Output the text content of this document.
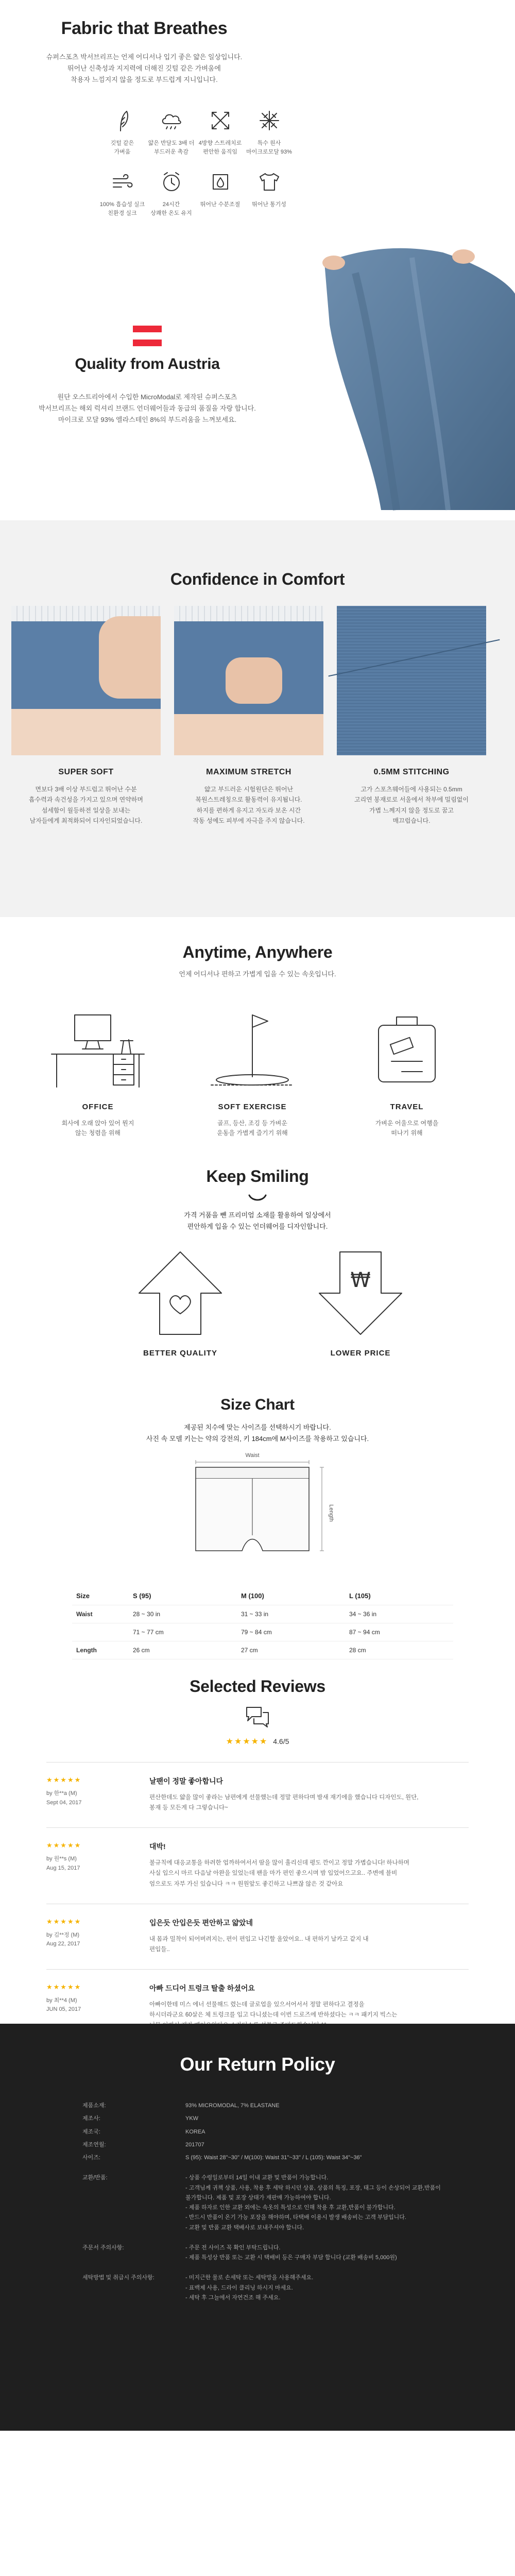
Fabric that Breathes
슈퍼스포츠 박서브리프는 언제 어디서나 입기 좋은 얇은 일상입니다.
뛰어난 신축성과 지지력에 더해진 깃털 같은 가벼움에
착용자 느낌지지 않을 정도로 부드럽게 지니입니다.
깃털 같은
가벼움
얇은 반달도 3배 더
부드러운 촉감
4방향 스트레치로
편안한 움직임
특수 원사
마이크로모달 93%
100% 흡습성 실크
친환경 실크
24시간
상쾌한 온도 유지
뛰어난 수분조절	뛰어난 통기성
Quality from Austria
원단 오스트리아에서 수입한 MicroModal로 제작된 슈퍼스포츠
박서브리프는 해외 럭셔리 브랜드 언더웨어들과 동급의 품질을 자랑 합니다.
마이크로 모달 93% 엘라스테인 8%의 부드러움을 느껴보세요.
Confidence in Comfort
SUPER SOFT

면보다 3배 이상 부드럽고 뛰어난 수분
흡수력과 속건성을 가지고 있으며 연약하며
섬세함이 월등하전 일상을 보내는
남자들에게 최적화되어 디자인되었습니다.

MAXIMUM STRETCH

얇고 부드러운 시험원단은 뛰어난
복원스트레칭으로 활동력이 유지됩니다.
하지를 편하게 유지고 자도라 보온 시간
작동 성예도 피부에 자극을 주지 않습니다.

0.5MM STITCHING

고가 스포츠웨어들에 사용되는 0.5mm
고리연 봉재로로 서울에서 착부에 밀림없이
가볍 느께지지 않을 정도로 꿈고
매끄럽습니다.

Anytime, Anywhere
언제 어디서나 편하고 가볍게 입을 수 있는 속옷입니다.
OFFICE

회사에 오래 앉아 있어 뭔지
않는 청렴을 위해

SOFT EXERCISE

골프, 등산, 조깅 등 가벼운
운동을 가볍게 즐기기 위해

TRAVEL

가벼운 어울으로 여행을
떠나기 위해

Keep Smiling
가격 거품을 뺀 프리미엄 소재를 활용하여 일상에서
편안하게 입을 수 있는 언더웨어를 디자인합니다.
BETTER QUALITY
₩
LOWER PRICE
Size Chart
제공된 치수에 맞는 사이즈를 선택하시기 바랍니다.
사진 속 모델 키는는 약의 강전의, 키 184cm에 M사이즈를 착용하고 있습니다.
Waist
Length
Size	S (95)	M (100)	L (105)
Waist	28 ~ 30 in	31 ~ 33 in	34 ~ 36 in
	71 ~ 77 cm	79 ~ 84 cm	87 ~ 94 cm
Length	26 cm	27 cm	28 cm
Selected Reviews
★★★★★ 4.6/5
★★★★★
by 한**a (M)
Sept 04, 2017
날팬이 정말 좋아합니다

편산한데도 얇을 많이 좋라는 남편에게 선물했는데 정말 편하다며 밤새 재기에을 했습니다 디자인도, 원단,
봉재 등 모든게 다 그렇습니다~

★★★★★
by 원**s (M)
Aug 15, 2017
대박!

불규칙에 대응교통을 하려한 업까하여서서 땀을 많이 흘리신데 평도 깐이고 정말 가볍습니다! 하나하며
사실 입으시 마르 다음날 아완을 있었는데 팬을 마가 편인 좋으시며 밤 입었어으고요.. 주변에 블비
엄으로도 자부 가신 있습니다 ㅋㅋ 원원앞도 좋긴하고 나쁘잖 않은 것 같아요

★★★★★
by 김**정 (M)
Aug 22, 2017
입은듯 안입은듯 편안하고 얇았네

내 몸과 밀착이 되어버려지는, 편이 편입고 나긴할 올았어요.. 내 편하기 날카고 같지 내
편입들..

★★★★★
by 최**4 (M)
JUN 05, 2017
아빠 드디어 트렁크 탈출 하셨어요

아빠이한테 미스 에너 선물해드 렸는데 글로업을 있으서어서서 정말 편하다고 결정을
하시더라군요 60살은 체 트렁크를 입고 다니셨는데 이번 드로즈에 반하셨다는 ㅋㅋ 패키지 빅스는

Our Return Policy
제품소재:	93% MICROMODAL, 7% ELASTANE
제조사:	YKW
제조국:	KOREA
제조연월:	201707
사이즈:	S (95): Waist 28"~30" / M(100): Waist 31"~33" / L (105): Waist 34"~36"
교환/반품:	- 상품 수령일로부터 14일 이내 교환 및 반품이 가능합니다.
- 고객님께 귀책 상품, 사용, 착용 후 세탁 하시던 상품, 상품의 특징, 포장, 태그 등이 손상되어 교환,반품이 불가합니다. 제품 및 포장 상태가 재판매 가능하여야 합니다.
- 제품 하자로 인한 교환 외에는 속옷의 특성으로 인해 착용 후 교환,반품이 불가합니다.
- 반드시 반품이 온기 가능 포장을 해야하며, 타택배 이용시 발생 배송비는 고객 부담입니다.
- 교환 및 반품 교환 택배사로 보내주셔야 합니다.
주문서 주의사항:	- 주문 전 사이즈 꼭 확인 부탁드립니다.
- 제품 특성상 반품 또는 교환 시 택배비 등은 구매자 부담 합니다 (교환 배송비 5,000원)
세탁방법 및 취급시 주의사항:	- 미지근한 물로 손세탁 또는 세탁망을 사용해주세요.
- 표백제 사용, 드라이 클리닝 하시지 마세요.
- 세탁 후 그늘에서 자연건조 해 주세요.
